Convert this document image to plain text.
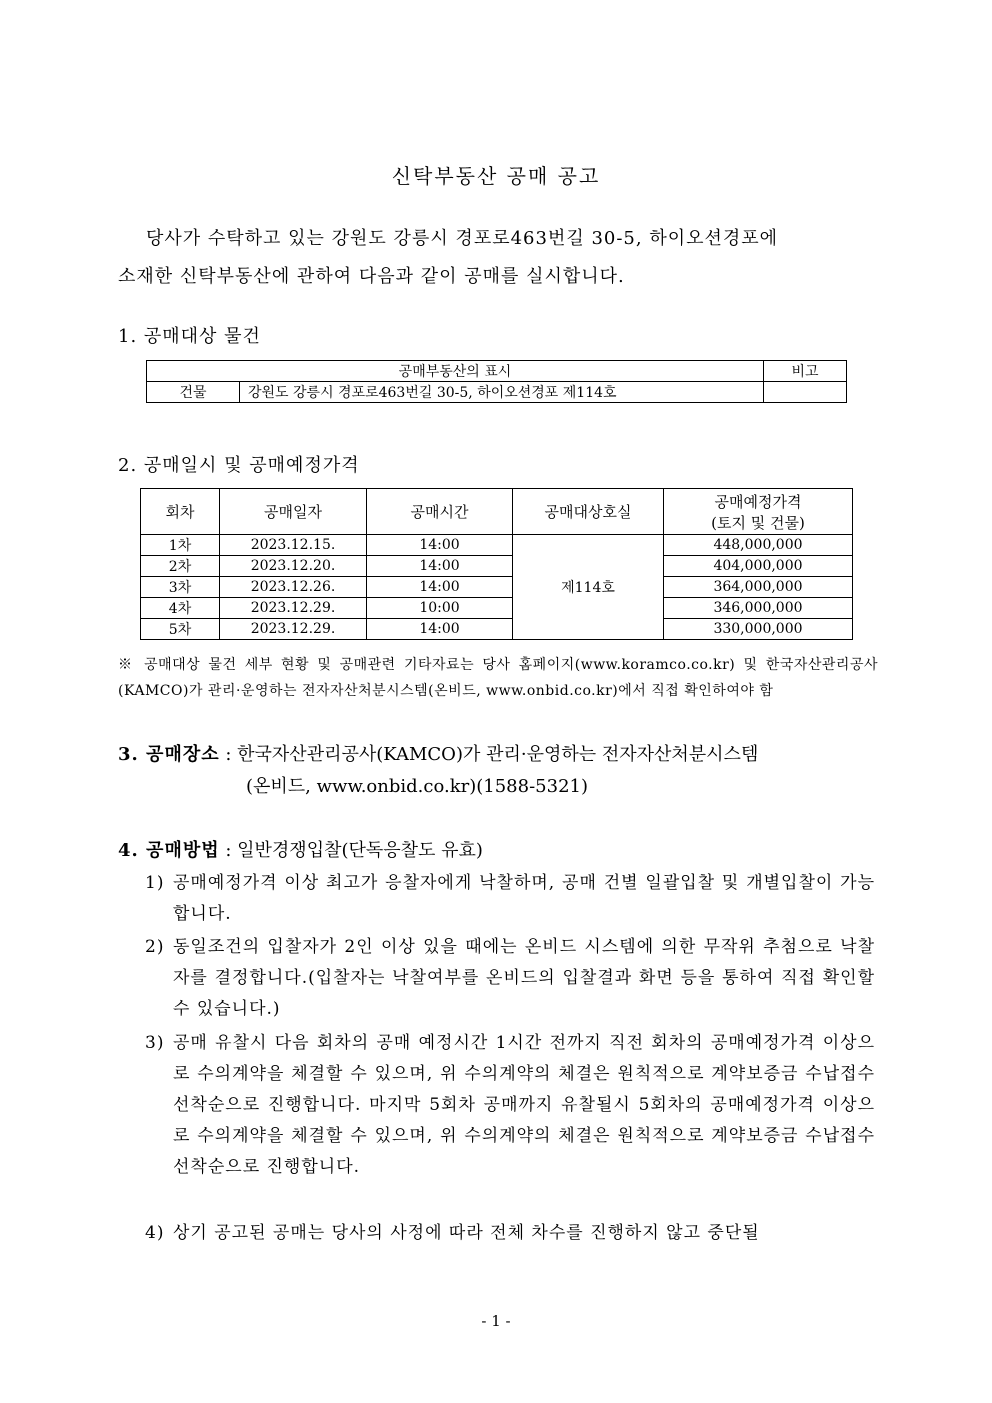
신탁부동산 공매 공고

당사가 수탁하고 있는 강원도 강릉시 경포로463번길 30-5, 하이오션경포에

소재한 신탁부동산에 관하여 다음과 같이 공매를 실시합니다.

1. 공매대상 물건
공매부동산의 표시		비고
건물	강원도 강릉시 경포로463번길 30-5, 하이오션경포 제114호	
2. 공매일시 및 공매예정가격
회차	공매일자	공매시간	공매대상호실	공매예정가격
(토지 및 건물)

1차	2023.12.15.	14:00	제114호	448,000,000
2차	2023.12.20.	14:00		404,000,000
3차	2023.12.26.	14:00		364,000,000
4차	2023.12.29.	10:00		346,000,000
5차	2023.12.29.	14:00		330,000,000
※ 공매대상 물건 세부 현황 및 공매관련 기타자료는 당사 홈페이지(www.koramco.co.kr) 및 한국자산관리공사(KAMCO)가 관리·운영하는 전자자산처분시스템(온비드, www.onbid.co.kr)에서 직접 확인하여야 함
3. 공매장소 : 한국자산관리공사(KAMCO)가 관리·운영하는 전자자산처분시스템
(온비드, www.onbid.co.kr)(1588-5321)
4. 공매방법 : 일반경쟁입찰(단독응찰도 유효)
1) 공매예정가격 이상 최고가 응찰자에게 낙찰하며, 공매 건별 일괄입찰 및 개별입찰이 가능합니다.
2) 동일조건의 입찰자가 2인 이상 있을 때에는 온비드 시스템에 의한 무작위 추첨으로 낙찰자를 결정합니다.(입찰자는 낙찰여부를 온비드의 입찰결과 화면 등을 통하여 직접 확인할 수 있습니다.)
3) 공매 유찰시 다음 회차의 공매 예정시간 1시간 전까지 직전 회차의 공매예정가격 이상으로 수의계약을 체결할 수 있으며, 위 수의계약의 체결은 원칙적으로 계약보증금 수납접수 선착순으로 진행합니다. 마지막 5회차 공매까지 유찰될시 5회차의 공매예정가격 이상으로 수의계약을 체결할 수 있으며, 위 수의계약의 체결은 원칙적으로 계약보증금 수납접수 선착순으로 진행합니다.
4) 상기 공고된 공매는 당사의 사정에 따라 전체 차수를 진행하지 않고 중단될
- 1 -
